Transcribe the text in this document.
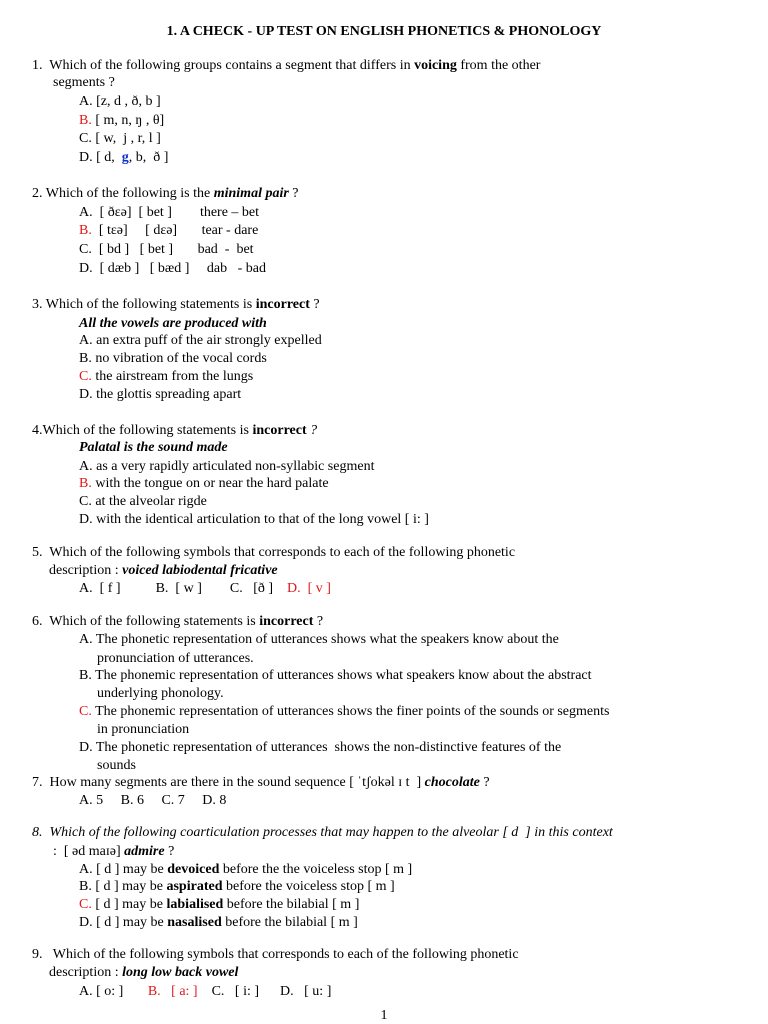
1. A CHECK - UP TEST ON ENGLISH PHONETICS & PHONOLOGY
1. Which of the following groups contains a segment that differs in voicing from the other
segments ?
A. [z, d , ð, b ]
B. [ m, n, ŋ , θ]
C. [ w,  j , r, l ]
D. [ d,  g, b,  ð ]
2. Which of the following is the minimal pair ?
A.  [ ðɛə]  [ bet ]        there – bet
B.  [ tɛə]     [ dɛə]       tear - dare
C.  [ bd ]   [ bet ]       bad  -  bet
D.  [ dæb ]   [ bæd ]     dab   - bad
3. Which of the following statements is incorrect ?
All the vowels are produced with
A. an extra puff of the air strongly expelled
B. no vibration of the vocal cords
C. the airstream from the lungs
D. the glottis spreading apart
4.Which of the following statements is incorrect ?
Palatal is the sound made
A. as a very rapidly articulated non-syllabic segment
B. with the tongue on or near the hard palate
C. at the alveolar rigde
D. with the identical articulation to that of the long vowel [ i: ]
5. Which of the following symbols that corresponds to each of the following phonetic
description : voiced labiodental fricative
A.  [ f ]          B.  [ w ]        C.   [ð ]    D.  [ v ]
6. Which of the following statements is incorrect ?
A. The phonetic representation of utterances shows what the speakers know about the
pronunciation of utterances.
B. The phonemic representation of utterances shows what speakers know about the abstract
underlying phonology.
C. The phonemic representation of utterances shows the finer points of the sounds or segments
in pronunciation
D. The phonetic representation of utterances  shows the non-distinctive features of the
sounds
7. How many segments are there in the sound sequence [ ˈtʃokəl ɪ t  ] chocolate ?
A. 5     B. 6     C. 7     D. 8
8. Which of the following coarticulation processes that may happen to the alveolar [ d  ] in this context
:  [ əd maɪə] admire ?
A. [ d ] may be devoiced before the the voiceless stop [ m ]
B. [ d ] may be aspirated before the voiceless stop [ m ]
C. [ d ] may be labialised before the bilabial [ m ]
D. [ d ] may be nasalised before the bilabial [ m ]
9. Which of the following symbols that corresponds to each of the following phonetic
description : long low back vowel
A. [ o: ]       B.   [ a: ]    C.   [ i: ]      D.   [ u: ]
1
